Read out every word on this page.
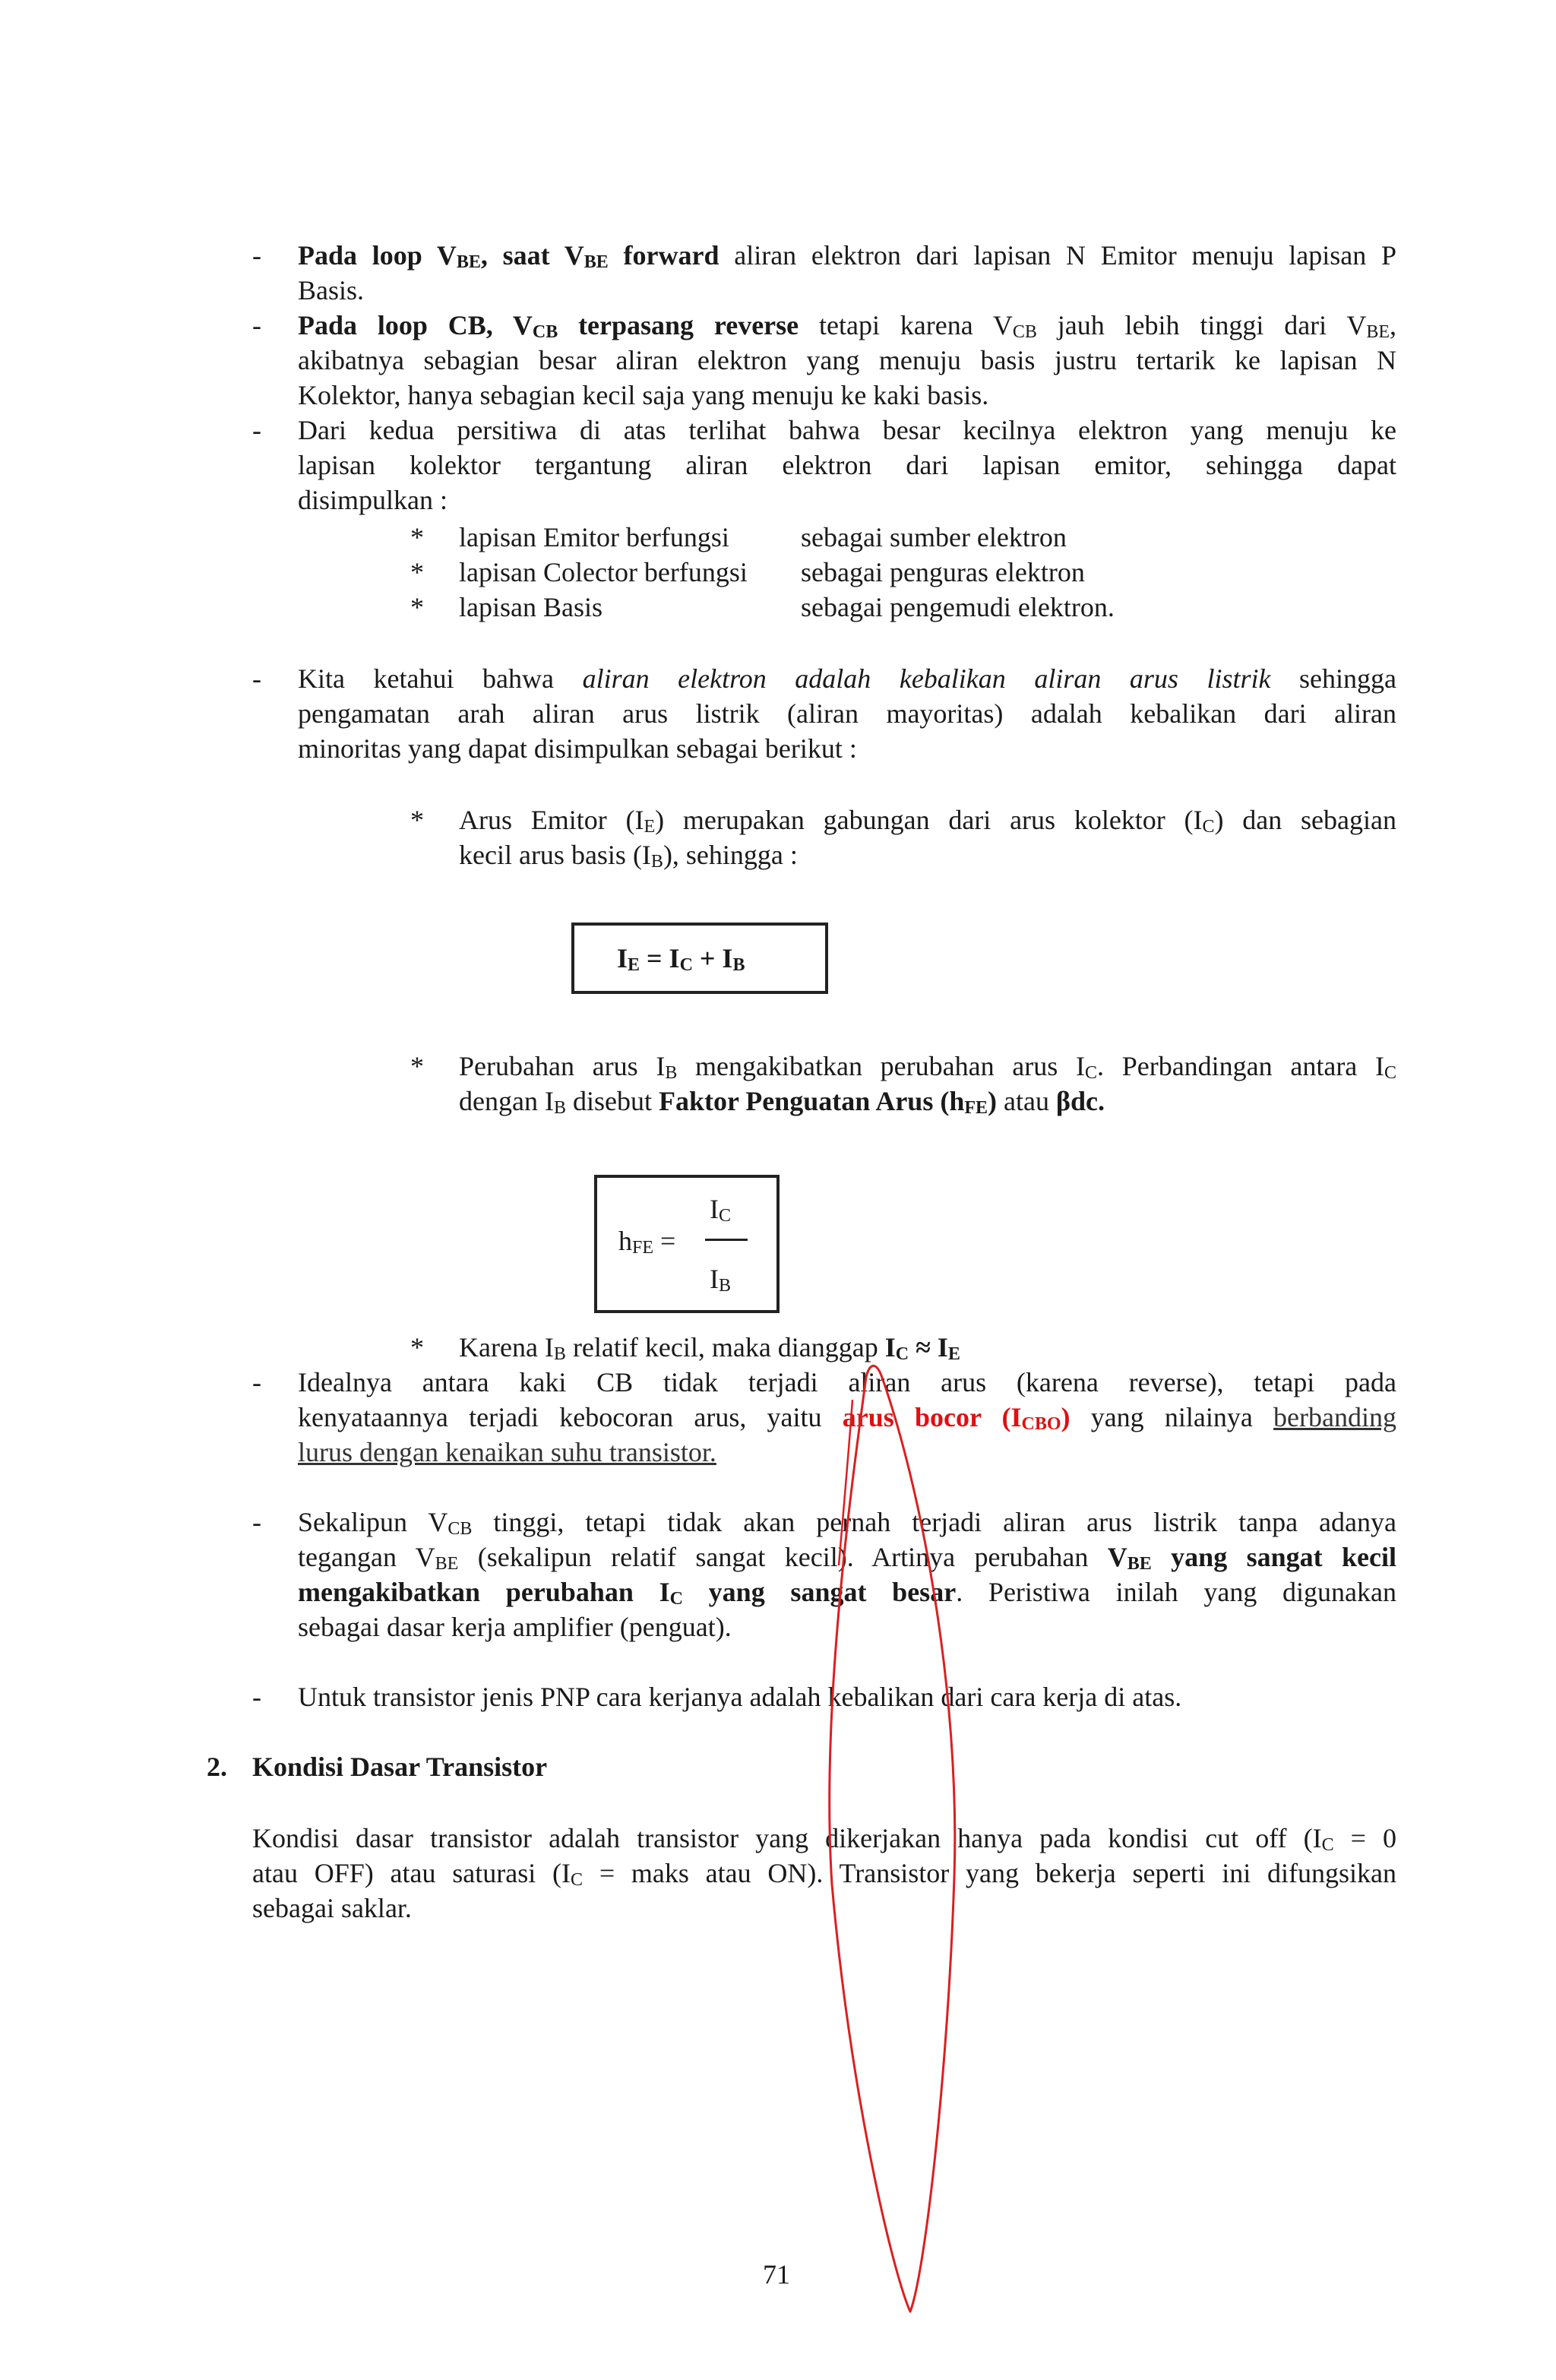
- Pada loop $V_{BE}$, saat $V_{BE}$ forward aliran elektron dari lapisan N Emitor menuju lapisan P
Basis.
- Pada loop CB, $V_{CB}$ terpasang reverse tetapi karena $V_{CB}$ jauh lebih tinggi dari $V_{BE}$,
akibatnya sebagian besar aliran elektron yang menuju basis justru tertarik ke lapisan N
Kolektor, hanya sebagian kecil saja yang menuju ke kaki basis.
- Dari kedua persitiwa di atas terlihat bahwa besar kecilnya elektron yang menuju ke
lapisan kolektor tergantung aliran elektron dari lapisan emitor, sehingga dapat
disimpulkan :
* lapisan Emitor berfungsi	sebagai sumber elektron
* lapisan Colector berfungsi sebagai penguras elektron
* lapisan Basis	sebagai pengemudi elektron.
- Kita ketahui bahwa aliran elektron adalah kebalikan aliran arus listrik sehingga
pengamatan arah aliran arus listrik (aliran mayoritas) adalah kebalikan dari aliran
minoritas yang dapat disimpulkan sebagai berikut :
* Arus Emitor $(I_E)$ merupakan gabungan dari arus kolektor $(I_C)$ dan sebagian
kecil arus basis $(I_B)$, sehingga :
$I_E = I_C + I_B$
* Perubahan arus $I_B$ mengakibatkan perubahan arus $I_C$. Perbandingan antara $I_C$
dengan $I_B$ disebut Faktor Penguatan Arus $(h_{FE})$ atau βdc.
$h_{FE}$ =
$I_C$
$I_B$
* Karena $I_B$ relatif kecil, maka dianggap $I_C \approx I_E$
- Idealnya antara kaki CB tidak terjadi aliran arus (karena reverse), tetapi pada
kenyataannya terjadi kebocoran arus, yaitu arus bocor $(I_{CBO})$ yang nilainya berbanding
lurus dengan kenaikan suhu transistor.
- Sekalipun $V_{CB}$ tinggi, tetapi tidak akan pernah terjadi aliran arus listrik tanpa adanya
tegangan $V_{BE}$ (sekalipun relatif sangat kecil). Artinya perubahan $V_{BE}$ yang sangat kecil
mengakibatkan perubahan $I_C$ yang sangat besar. Peristiwa inilah yang digunakan
sebagai dasar kerja amplifier (penguat).
- Untuk transistor jenis PNP cara kerjanya adalah kebalikan dari cara kerja di atas.
2. Kondisi Dasar Transistor
Kondisi dasar transistor adalah transistor yang dikerjakan hanya pada kondisi cut off ($I_C = 0$
atau OFF) atau saturasi ($I_C$ = maks atau ON). Transistor yang bekerja seperti ini difungsikan
sebagai saklar.
71
